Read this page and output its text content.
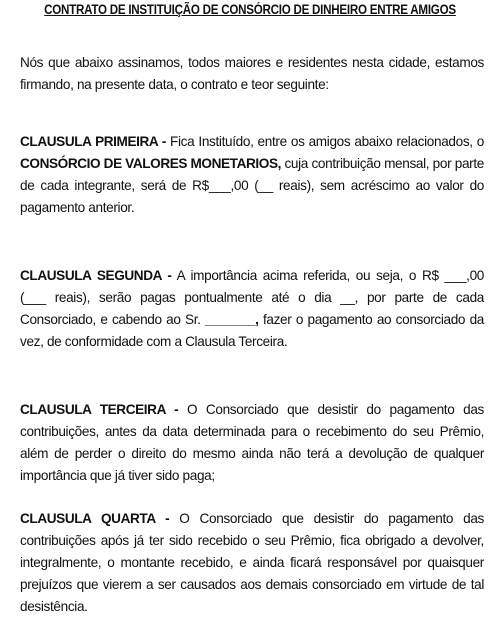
CONTRATO DE INSTITUIÇÃO DE CONSÓRCIO DE DINHEIRO ENTRE AMIGOS

Nós que abaixo assinamos, todos maiores e residentes nesta cidade, estamos firmando, na presente data, o contrato e teor seguinte:

CLAUSULA PRIMEIRA - Fica Instituído, entre os amigos abaixo relacionados, o CONSÓRCIO DE VALORES MONETARIOS, cuja contribuição mensal, por parte de cada integrante, será de R$___,00 (__ reais), sem acréscimo ao valor do pagamento anterior.

CLAUSULA SEGUNDA - A importância acima referida, ou seja, o R$ ___,00 (___ reais), serão pagas pontualmente até o dia __, por parte de cada Consorciado, e cabendo ao Sr. _______, fazer o pagamento ao consorciado da vez, de conformidade com a Clausula Terceira.

CLAUSULA TERCEIRA - O Consorciado que desistir do pagamento das contribuições, antes da data determinada para o recebimento do seu Prêmio, além de perder o direito do mesmo ainda não terá a devolução de qualquer importância que já tiver sido paga;

CLAUSULA QUARTA - O Consorciado que desistir do pagamento das contribuições após já ter sido recebido o seu Prêmio, fica obrigado a devolver, integralmente, o montante recebido, e ainda ficará responsável por quaisquer prejuízos que vierem a ser causados aos demais consorciado em virtude de tal desistência.
